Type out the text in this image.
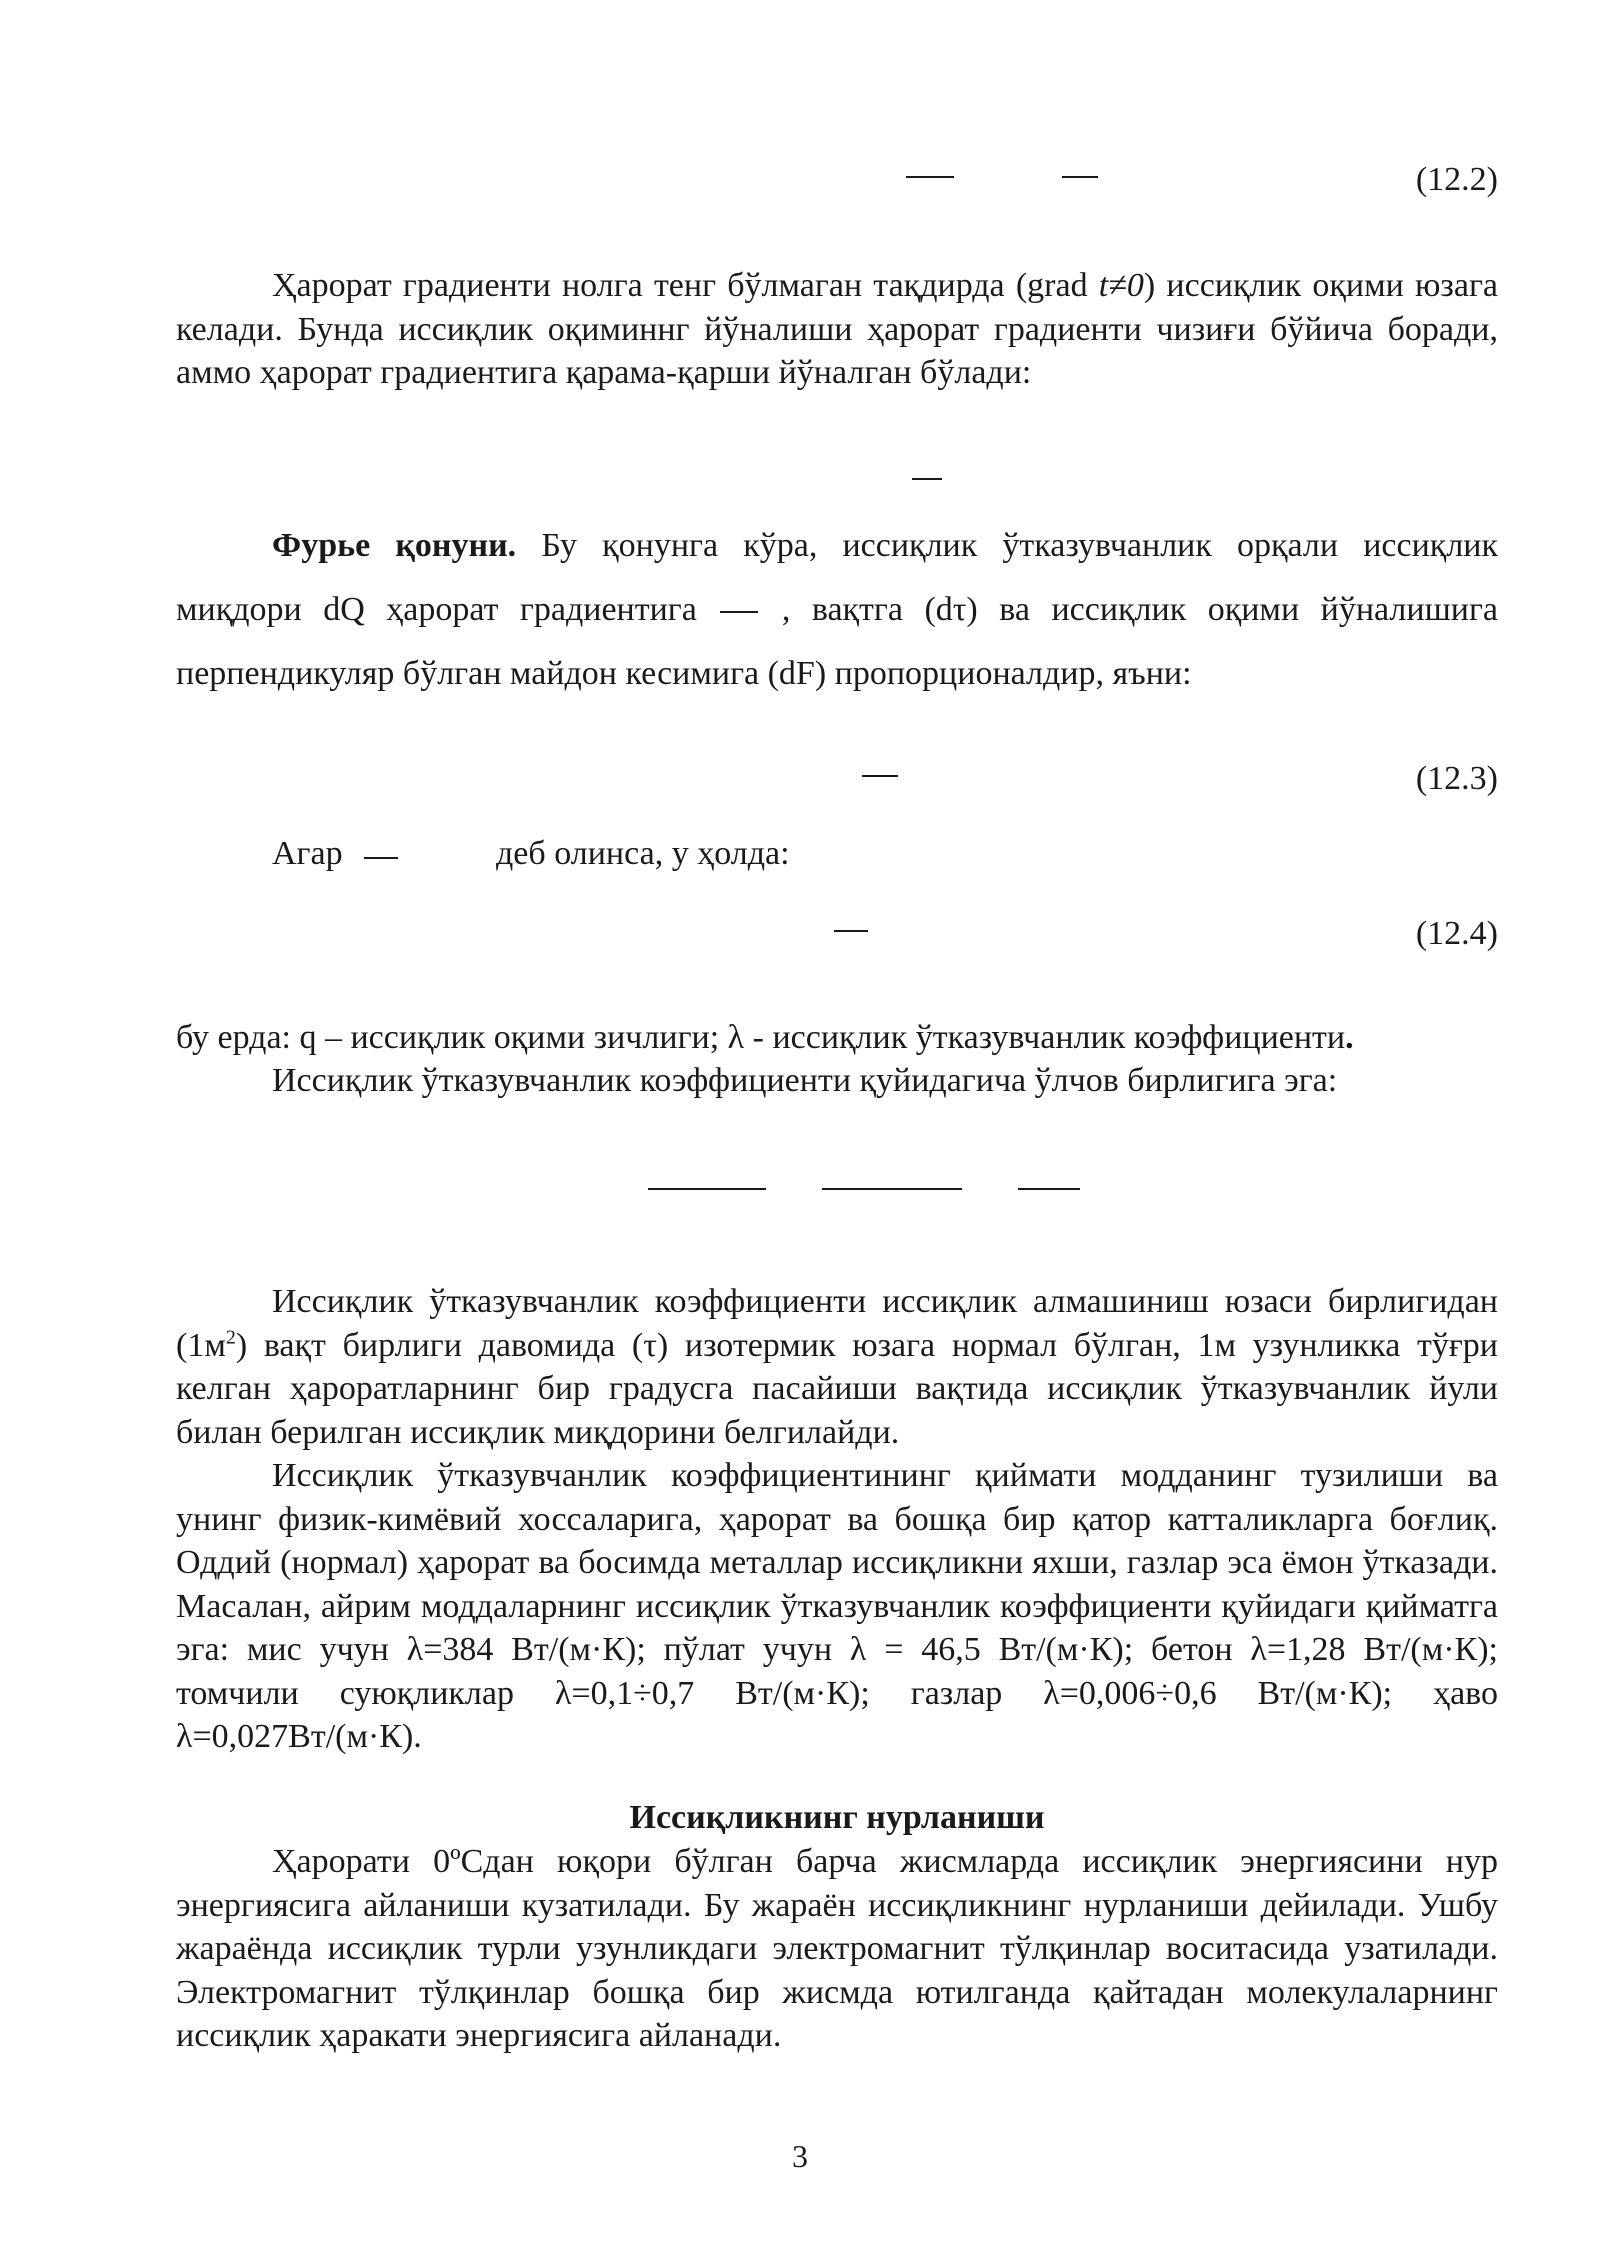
(12.2)

Ҳарорат градиенти нолга тенг бўлмаган тақдирда (grad t≠0) иссиқлик оқими юзага келади. Бунда иссиқлик оқиминнг йўналиши ҳарорат градиенти чизиғи бўйича боради, аммо ҳарорат градиентига қарама-қарши йўналган бўлади:

Фурье қонуни. Бу қонунга кўра, иссиқлик ўтказувчанлик орқали иссиқлик миқдори dQ ҳарорат градиентига  , вақтга (dτ) ва иссиқлик оқими йўналишига перпендикуляр бўлган майдон кесимига (dF) пропорционалдир, яъни:

(12.3)
Агар	деб олинса, у ҳолда:
(12.4)
бу ерда: q – иссиқлик оқими зичлиги; λ - иссиқлик ўтказувчанлик коэффициенти.
Иссиқлик ўтказувчанлик коэффициенти қуйидагича ўлчов бирлигига эга:

Иссиқлик ўтказувчанлик коэффициенти иссиқлик алмашиниш юзаси бирлигидан $(1м^2)$ вақт бирлиги давомида (τ) изотермик юзага нормал бўлган, 1м узунликка тўғри келган ҳароратларнинг бир градусга пасайиши вақтида иссиқлик ўтказувчанлик йули билан берилган иссиқлик миқдорини белгилайди.

Иссиқлик ўтказувчанлик коэффициентининг қиймати модданинг тузилиши ва унинг физик-кимёвий хоссаларига, ҳарорат ва бошқа бир қатор катталикларга боғлиқ. Оддий (нормал) ҳарорат ва босимда металлар иссиқликни яхши, газлар эса ёмон ўтказади. Масалан, айрим моддаларнинг иссиқлик ўтказувчанлик коэффициенти қуйидаги қийматга эга: мис учун λ=384 Вт/(м·К); пўлат учун λ = 46,5 Вт/(м·К); бетон λ=1,28 Вт/(м·К); томчили суюқликлар λ=0,1÷0,7 Вт/(м·К); газлар λ=0,006÷0,6 Вт/(м·К); ҳаво λ=0,027Вт/(м·К).

Иссиқликнинг нурланиши

Ҳарорати 0ºСдан юқори бўлган барча жисмларда иссиқлик энергиясини нур энергиясига айланиши кузатилади. Бу жараён иссиқликнинг нурланиши дейилади. Ушбу жараёнда иссиқлик турли узунликдаги электромагнит тўлқинлар воситасида узатилади. Электромагнит тўлқинлар бошқа бир жисмда ютилганда қайтадан молекулаларнинг иссиқлик ҳаракати энергиясига айланади.

3
